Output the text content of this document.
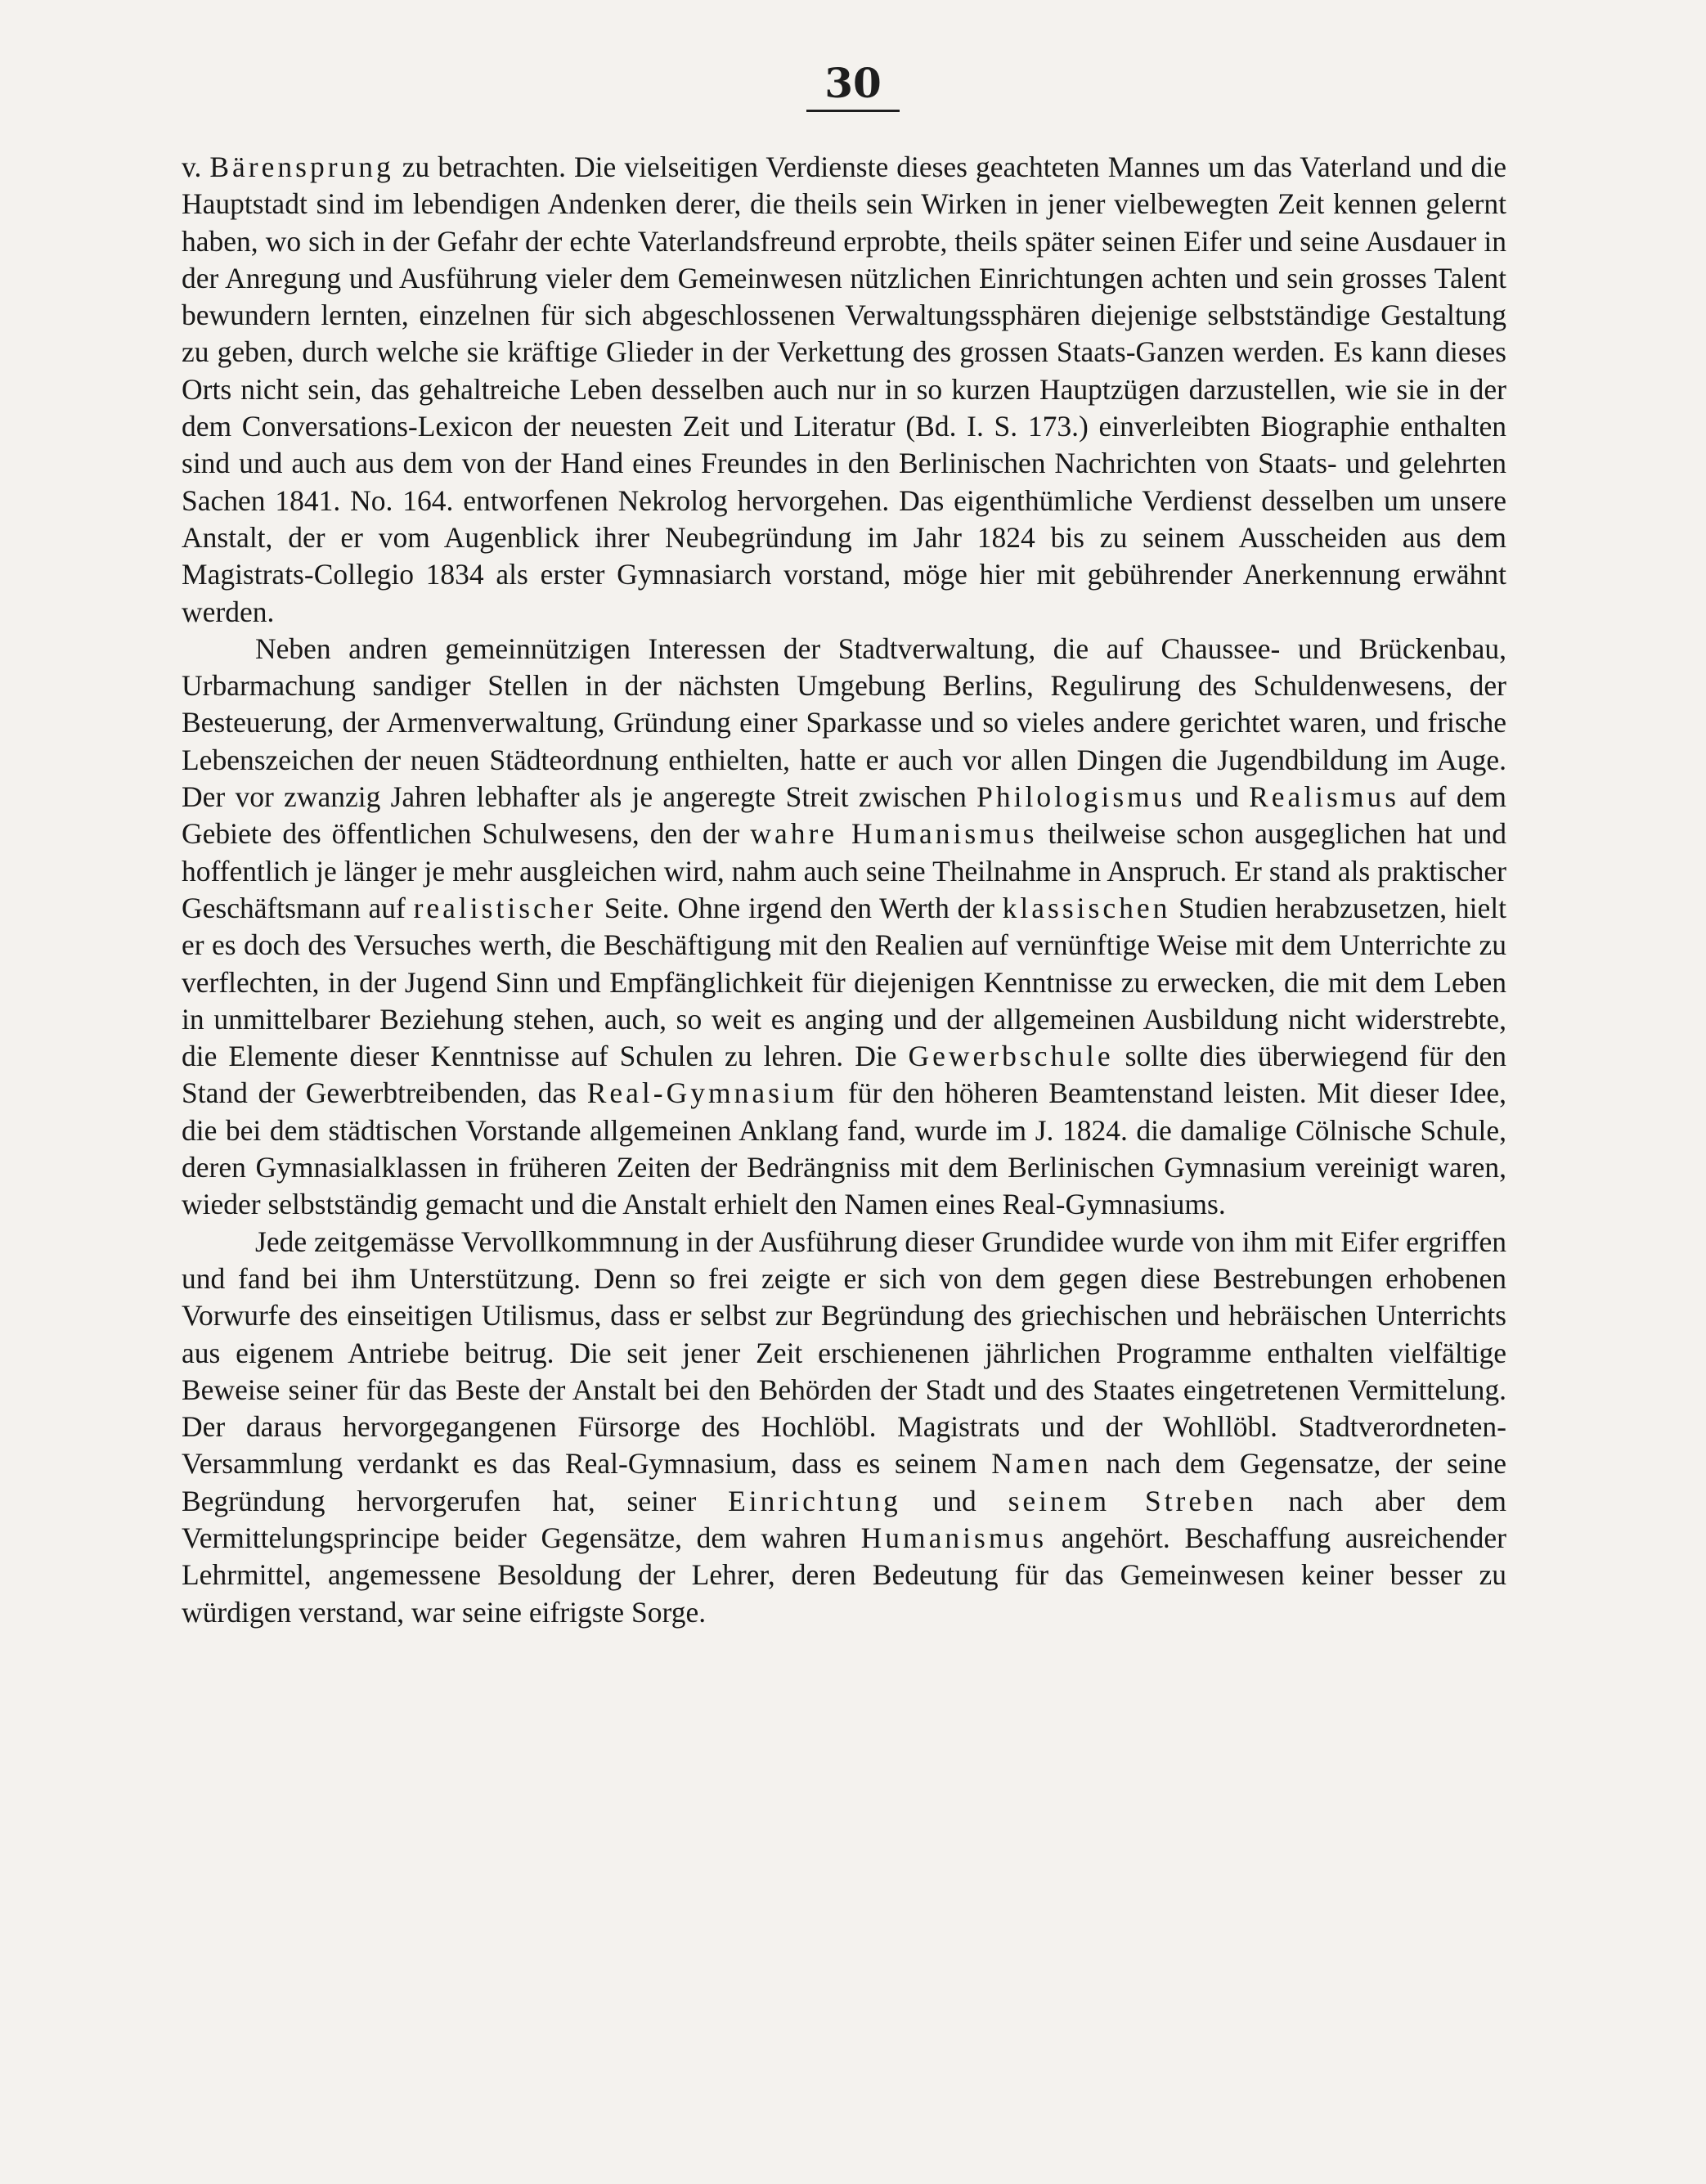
30

v. Bärensprung zu betrachten. Die vielseitigen Verdienste dieses geachteten Mannes um das Vaterland und die Hauptstadt sind im lebendigen Andenken derer, die theils sein Wirken in jener vielbewegten Zeit kennen gelernt haben, wo sich in der Gefahr der echte Vaterlandsfreund erprobte, theils später seinen Eifer und seine Ausdauer in der Anregung und Ausführung vieler dem Gemeinwesen nützlichen Einrichtungen achten und sein grosses Talent bewundern lernten, einzelnen für sich abgeschlossenen Verwaltungssphären diejenige selbstständige Gestaltung zu geben, durch welche sie kräftige Glieder in der Verkettung des grossen Staats-Ganzen werden. Es kann dieses Orts nicht sein, das gehaltreiche Leben desselben auch nur in so kurzen Hauptzügen darzustellen, wie sie in der dem Conversations-Lexicon der neuesten Zeit und Literatur (Bd. I. S. 173.) einverleibten Biographie enthalten sind und auch aus dem von der Hand eines Freundes in den Berlinischen Nachrichten von Staats- und gelehrten Sachen 1841. No. 164. entworfenen Nekrolog hervorgehen. Das eigenthümliche Verdienst desselben um unsere Anstalt, der er vom Augenblick ihrer Neubegründung im Jahr 1824 bis zu seinem Ausscheiden aus dem Magistrats-Collegio 1834 als erster Gymnasiarch vorstand, möge hier mit gebührender Anerkennung erwähnt werden.

Neben andren gemeinnützigen Interessen der Stadtverwaltung, die auf Chaussee- und Brückenbau, Urbarmachung sandiger Stellen in der nächsten Umgebung Berlins, Regulirung des Schuldenwesens, der Besteuerung, der Armenverwaltung, Gründung einer Sparkasse und so vieles andere gerichtet waren, und frische Lebenszeichen der neuen Städteordnung enthielten, hatte er auch vor allen Dingen die Jugendbildung im Auge. Der vor zwanzig Jahren lebhafter als je angeregte Streit zwischen Philologismus und Realismus auf dem Gebiete des öffentlichen Schulwesens, den der wahre Humanismus theilweise schon ausgeglichen hat und hoffentlich je länger je mehr ausgleichen wird, nahm auch seine Theilnahme in Anspruch. Er stand als praktischer Geschäftsmann auf realistischer Seite. Ohne irgend den Werth der klassischen Studien herabzusetzen, hielt er es doch des Versuches werth, die Beschäftigung mit den Realien auf vernünftige Weise mit dem Unterrichte zu verflechten, in der Jugend Sinn und Empfänglichkeit für diejenigen Kenntnisse zu erwecken, die mit dem Leben in unmittelbarer Beziehung stehen, auch, so weit es anging und der allgemeinen Ausbildung nicht widerstrebte, die Elemente dieser Kenntnisse auf Schulen zu lehren. Die Gewerbschule sollte dies überwiegend für den Stand der Gewerbtreibenden, das Real-Gymnasium für den höheren Beamtenstand leisten. Mit dieser Idee, die bei dem städtischen Vorstande allgemeinen Anklang fand, wurde im J. 1824. die damalige Cölnische Schule, deren Gymnasialklassen in früheren Zeiten der Bedrängniss mit dem Berlinischen Gymnasium vereinigt waren, wieder selbstständig gemacht und die Anstalt erhielt den Namen eines Real-Gymnasiums.

Jede zeitgemässe Vervollkommnung in der Ausführung dieser Grundidee wurde von ihm mit Eifer ergriffen und fand bei ihm Unterstützung. Denn so frei zeigte er sich von dem gegen diese Bestrebungen erhobenen Vorwurfe des einseitigen Utilismus, dass er selbst zur Begründung des griechischen und hebräischen Unterrichts aus eigenem Antriebe beitrug. Die seit jener Zeit erschienenen jährlichen Programme enthalten vielfältige Beweise seiner für das Beste der Anstalt bei den Behörden der Stadt und des Staates eingetretenen Vermittelung. Der daraus hervorgegangenen Fürsorge des Hochlöbl. Magistrats und der Wohllöbl. Stadtverordneten-Versammlung verdankt es das Real-Gymnasium, dass es seinem Namen nach dem Gegensatze, der seine Begründung hervorgerufen hat, seiner Einrichtung und seinem Streben nach aber dem Vermittelungsprincipe beider Gegensätze, dem wahren Humanismus angehört. Beschaffung ausreichender Lehrmittel, angemessene Besoldung der Lehrer, deren Bedeutung für das Gemeinwesen keiner besser zu würdigen verstand, war seine eifrigste Sorge.
